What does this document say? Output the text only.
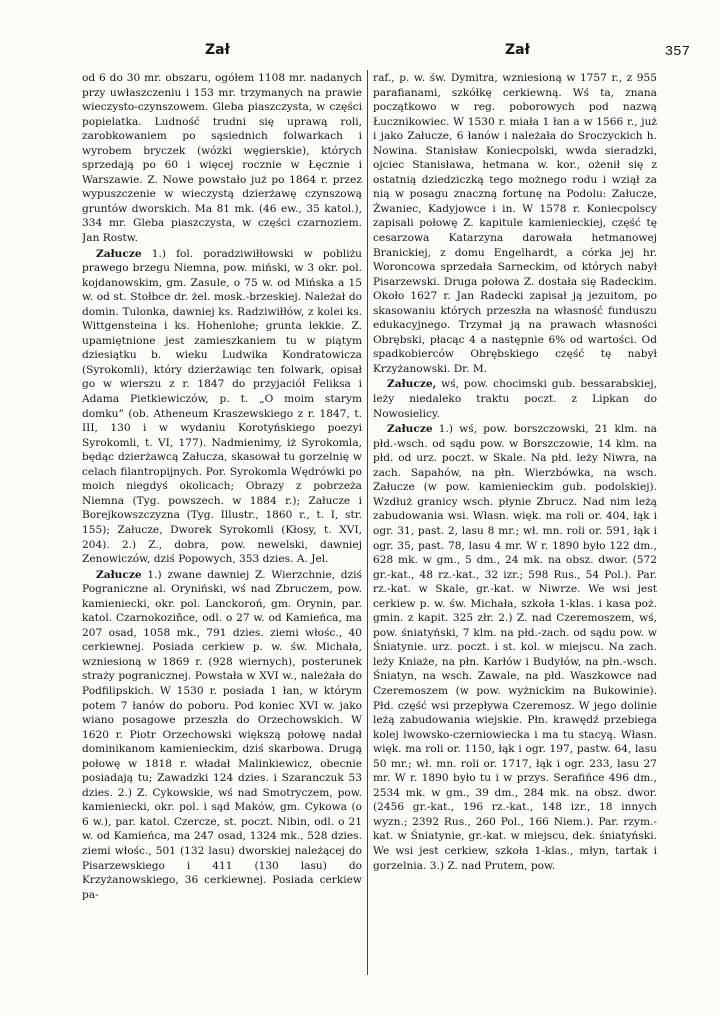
Zał	Zał	357

od 6 do 30 mr. obszaru, ogółem 1108 mr. nadanych przy uwłaszczeniu i 153 mr. trzymanych na prawie wieczysto-czynszowem. Gleba piaszczysta, w części popielatka. Ludność trudni się uprawą roli, zarobkowaniem po sąsiednich folwarkach i wyrobem bryczek (wózki węgierskie), których sprzedają po 60 i więcej rocznie w Łęcznie i Warszawie. Z. Nowe powstało już po 1864 r. przez wypuszczenie w wieczystą dzierżawę czynszową gruntów dworskich. Ma 81 mk. (46 ew., 35 katol.), 334 mr. Gleba piaszczysta, w części czarnoziem. Jan Rostw.

Załucze 1.) fol. poradziwiłłowski w pobliżu prawego brzegu Niemna, pow. miński, w 3 okr. pol. kojdanowskim, gm. Zasule, o 75 w. od Mińska a 15 w. od st. Stołbce dr. żel. mosk.-brzeskiej. Należał do domin. Tulonka, dawniej ks. Radziwiłłów, z kolei ks. Wittgensteina i ks. Hohenlohe; grunta lekkie. Z. upamiętnione jest zamieszkaniem tu w piątym dziesiątku b. wieku Ludwika Kondratowicza (Syrokomli), który dzierżawiąc ten folwark, opisał go w wierszu z r. 1847 do przyjaciół Feliksa i Adama Pietkiewiczów, p. t. „O moim starym domku” (ob. Atheneum Kraszewskiego z r. 1847, t. III, 130 i w wydaniu Korotyńskiego poezyi Syrokomli, t. VI, 177). Nadmienimy, iż Syrokomla, będąc dzierżawcą Załucza, skasował tu gorzelnię w celach filantropijnych. Por. Syrokomla Wędrówki po moich niegdyś okolicach; Obrazy z pobrzeża Niemna (Tyg. powszech. w 1884 r.); Załucze i Borejkowszczyzna (Tyg. Illustr., 1860 r., t. I, str. 155); Załucze, Dworek Syrokomli (Kłosy, t. XVI, 204). 2.) Z., dobra, pow. newelski, dawniej Zenowiczów, dziś Popowych, 353 dzies. A. Jel.

Załucze 1.) zwane dawniej Z. Wierzchnie, dziś Pograniczne al. Oryniński, wś nad Zbruczem, pow. kamieniecki, okr. pol. Lanckoroń, gm. Orynin, par. katol. Czarnokoziñce, odl. o 27 w. od Kamieńca, ma 207 osad, 1058 mk., 791 dzies. ziemi włośc., 40 cerkiewnej. Posiada cerkiew p. w. św. Michała, wzniesioną w 1869 r. (928 wiernych), posterunek straży pogranicznej. Powstała w XVI w., należała do Podfilipskich. W 1530 r. posiada 1 łan, w którym potem 7 łanów do poboru. Pod koniec XVI w. jako wiano posagowe przeszła do Orzechowskich. W 1620 r. Piotr Orzechowski większą połowę nadał dominikanom kamienieckim, dziś skarbowa. Drugą połowę w 1818 r. władał Malinkiewicz, obecnie posiadają tu; Zawadzki 124 dzies. i Szaranczuk 53 dzies. 2.) Z. Cykowskie, wś nad Smotryczem, pow. kamieniecki, okr. pol. i sąd Maków, gm. Cykowa (o 6 w.), par. katol. Czercze, st. poczt. Nibin, odl. o 21 w. od Kamieńca, ma 247 osad, 1324 mk., 528 dzies. ziemi włośc., 501 (132 lasu) dworskiej należącej do Pisarzewskiego i 411 (130 lasu) do Krzyżanowskiego, 36 cerkiewnej. Posiada cerkiew pa-

raf., p. w. św. Dymitra, wzniesioną w 1757 r., z 955 parafianami, szkółkę cerkiewną. Wś ta, znana początkowo w reg. poborowych pod nazwą Łucznikowiec. W 1530 r. miała 1 łan a w 1566 r., już i jako Załucze, 6 łanów i należała do Sroczyckich h. Nowina. Stanisław Koniecpolski, wwda sieradzki, ojciec Stanisława, hetmana w. kor., ożenił się z ostatnią dziedziczką tego możnego rodu i wziął za nią w posagu znaczną fortunę na Podolu: Załucze, Żwaniec, Kadyjowce i in. W 1578 r. Koniecpolscy zapisali połowę Z. kapitule kamienieckiej, część tę cesarzowa Katarzyna darowała hetmanowej Branickiej, z domu Engelhardt, a córka jej hr. Woroncowa sprzedała Sarneckim, od których nabył Pisarzewski. Druga połowa Z. dostała się Radeckim. Około 1627 r. Jan Radecki zapisał ją jezuitom, po skasowaniu których przeszła na własność funduszu edukacyjnego. Trzymał ją na prawach własności Obrębski, płacąc 4 a następnie 6% od wartości. Od spadkobierców Obrębskiego część tę nabył Krzyżanowski. Dr. M.

Załucze, wś, pow. chocimski gub. bessarabskiej, leży niedaleko traktu poczt. z Lipkan do Nowosielicy.

Załucze 1.) wś, pow. borszczowski, 21 klm. na płd.-wsch. od sądu pow. w Borszczowie, 14 klm. na płd. od urz. poczt. w Skale. Na płd. leży Niwra, na zach. Sapahów, na płn. Wierzbówka, na wsch. Załucze (w pow. kamienieckim gub. podolskiej). Wzdłuż granicy wsch. płynie Zbrucz. Nad nim leżą zabudowania wsi. Własn. więk. ma roli or. 404, łąk i ogr. 31, past. 2, lasu 8 mr.; wł. mn. roli or. 591, łąk i ogr. 35, past. 78, lasu 4 mr. W r. 1890 było 122 dm., 628 mk. w gm., 5 dm., 24 mk. na obsz. dwor. (572 gr.-kat., 48 rz.-kat., 32 izr.; 598 Rus., 54 Pol.). Par. rz.-kat. w Skale, gr.-kat. w Niwrze. We wsi jest cerkiew p. w. św. Michała, szkoła 1-klas. i kasa poż. gmin. z kapit. 325 złr. 2.) Z. nad Czeremoszem, wś, pow. śniatyński, 7 klm. na płd.-zach. od sądu pow. w Śniatynie. urz. poczt. i st. kol. w miejscu. Na zach. leży Kniaże, na płn. Karłów i Budyłów, na płn.-wsch. Śniatyn, na wsch. Zawale, na płd. Waszkowce nad Czeremoszem (w pow. wyżnickim na Bukowinie). Płd. część wsi przepływa Czeremosz. W jego dolinie leżą zabudowania wiejskie. Płn. krawędź przebiega kolej lwowsko-czerniowiecka i ma tu stacyą. Własn. więk. ma roli or. 1150, łąk i ogr. 197, pastw. 64, lasu 50 mr.; wł. mn. roli or. 1717, łąk i ogr. 233, lasu 27 mr. W r. 1890 było tu i w przys. Serafińce 496 dm., 2534 mk. w gm., 39 dm., 284 mk. na obsz. dwor. (2456 gr.-kat., 196 rz.-kat., 148 izr., 18 innych wyzn.; 2392 Rus., 260 Pol., 166 Niem.). Par. rzym.-kat. w Śniatynie, gr.-kat. w miejscu, dek. śniatyński. We wsi jest cerkiew, szkoła 1-klas., młyn, tartak i gorzelnia. 3.) Z. nad Prutem, pow.
